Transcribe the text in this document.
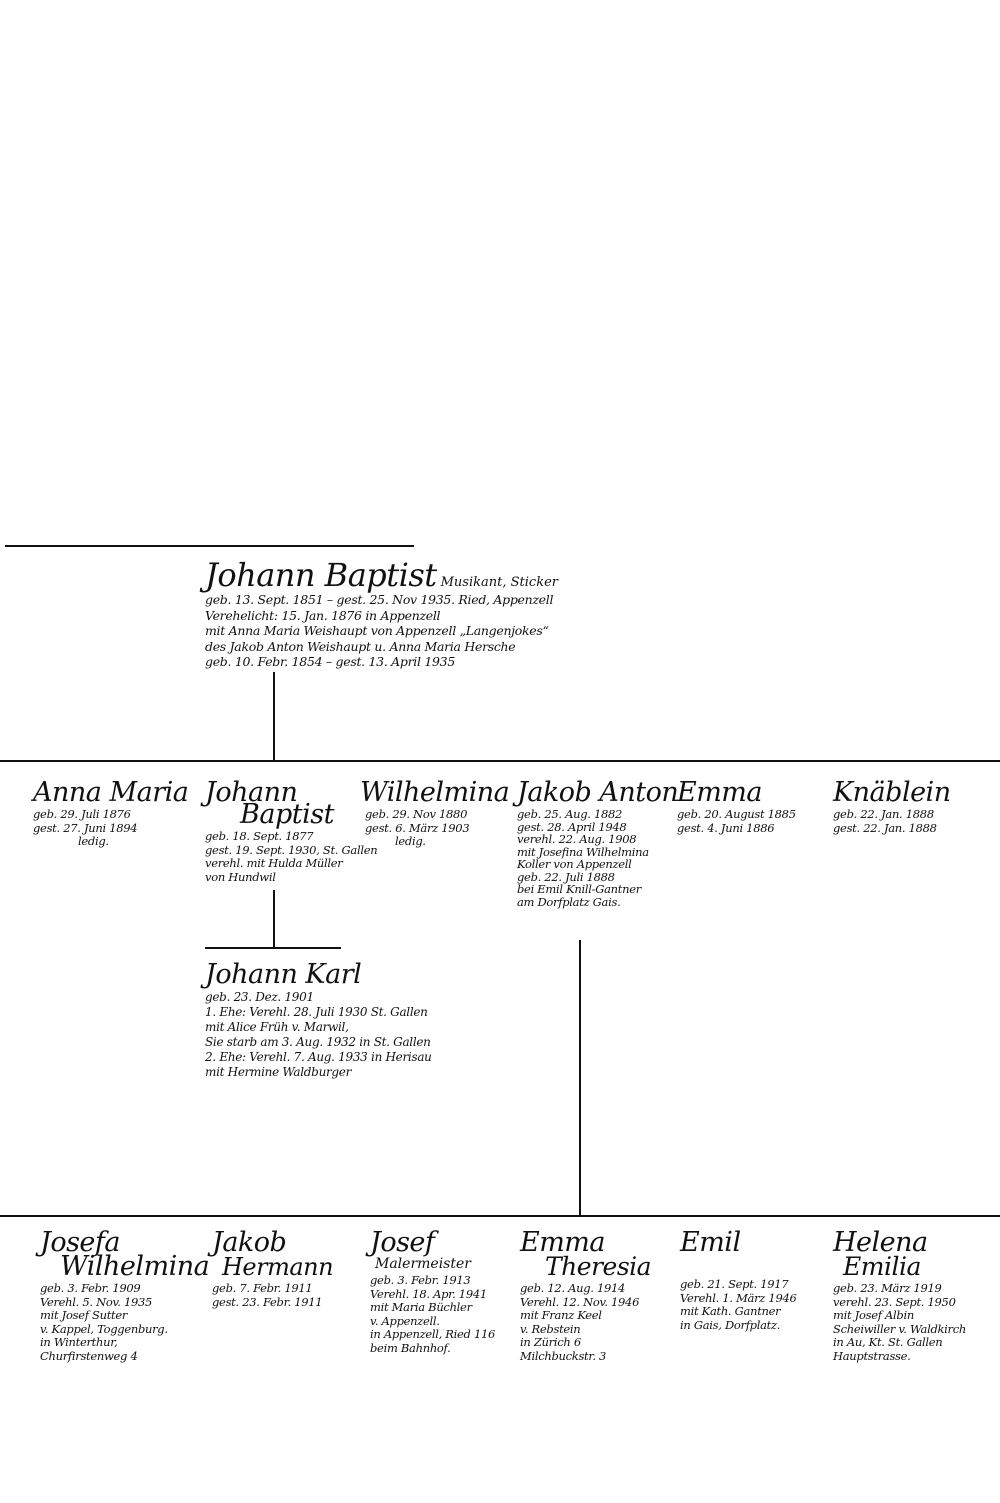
Johann Baptist Musikant, Sticker
geb. 13. Sept. 1851 – gest. 25. Nov 1935. Ried, Appenzell
Verehelicht: 15. Jan. 1876 in Appenzell
mit Anna Maria Weishaupt von Appenzell „Langenjokes“
des Jakob Anton Weishaupt u. Anna Maria Hersche
geb. 10. Febr. 1854 – gest. 13. April 1935
Anna Maria
geb. 29. Juli 1876
gest. 27. Juni 1894
ledig.
Johann
Baptist
geb. 18. Sept. 1877
gest. 19. Sept. 1930, St. Gallen
verehl. mit Hulda Müller
von Hundwil
Wilhelmina
geb. 29. Nov 1880
gest. 6. März 1903
ledig.
Jakob Anton
geb. 25. Aug. 1882
gest. 28. April 1948
verehl. 22. Aug. 1908
mit Josefina Wilhelmina
Koller von Appenzell
geb. 22. Juli 1888
bei Emil Knill-Gantner
am Dorfplatz Gais.
Emma
geb. 20. August 1885
gest. 4. Juni 1886
Knäblein
geb. 22. Jan. 1888
gest. 22. Jan. 1888
Johann Karl
geb. 23. Dez. 1901
1. Ehe: Verehl. 28. Juli 1930 St. Gallen
mit Alice Früh v. Marwil,
Sie starb am 3. Aug. 1932 in St. Gallen
2. Ehe: Verehl. 7. Aug. 1933 in Herisau
mit Hermine Waldburger
Josefa
Wilhelmina
geb. 3. Febr. 1909
Verehl. 5. Nov. 1935
mit Josef Sutter
v. Kappel, Toggenburg.
in Winterthur,
Churfirstenweg 4
Jakob
Hermann
geb. 7. Febr. 1911
gest. 23. Febr. 1911
Josef
Malermeister
geb. 3. Febr. 1913
Verehl. 18. Apr. 1941
mit Maria Büchler
v. Appenzell.
in Appenzell, Ried 116
beim Bahnhof.
Emma
Theresia
geb. 12. Aug. 1914
Verehl. 12. Nov. 1946
mit Franz Keel
v. Rebstein
in Zürich 6
Milchbuckstr. 3
Emil
geb. 21. Sept. 1917
Verehl. 1. März 1946
mit Kath. Gantner
in Gais, Dorfplatz.
Helena
Emilia
geb. 23. März 1919
verehl. 23. Sept. 1950
mit Josef Albin
Scheiwiller v. Waldkirch
in Au, Kt. St. Gallen
Hauptstrasse.
